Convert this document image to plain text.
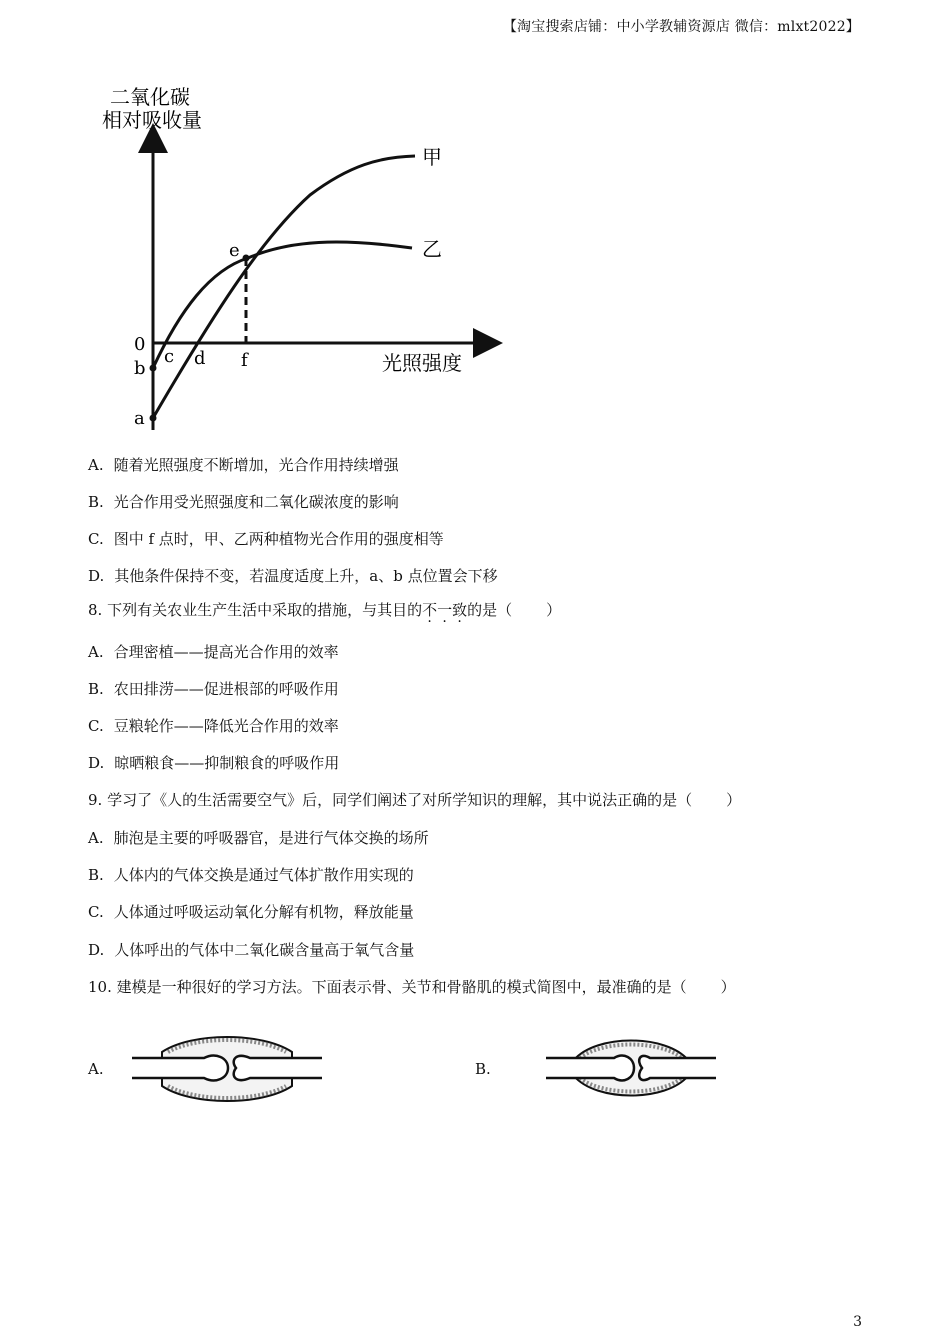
【淘宝搜索店铺：中小学教辅资源店 微信：mlxt2022】
二氧化碳
相对吸收量
光照强度
0
甲
乙
e
f
c d
b
a
A. 随着光照强度不断增加，光合作用持续增强
B. 光合作用受光照强度和二氧化碳浓度的影响
C. 图中 f 点时，甲、乙两种植物光合作用的强度相等
D. 其他条件保持不变，若温度适度上升，a、b 点位置会下移
8. 下列有关农业生产生活中采取的措施，与其目的不一致的是（ ）
A. 合理密植——提高光合作用的效率
B. 农田排涝——促进根部的呼吸作用
C. 豆粮轮作——降低光合作用的效率
D. 晾晒粮食——抑制粮食的呼吸作用
9. 学习了《人的生活需要空气》后，同学们阐述了对所学知识的理解，其中说法正确的是（ ）
A. 肺泡是主要的呼吸器官，是进行气体交换的场所
B. 人体内的气体交换是通过气体扩散作用实现的
C. 人体通过呼吸运动氧化分解有机物，释放能量
D. 人体呼出的气体中二氧化碳含量高于氧气含量
10. 建模是一种很好的学习方法。下面表示骨、关节和骨骼肌的模式简图中，最准确的是（ ）
A.	B.
3
